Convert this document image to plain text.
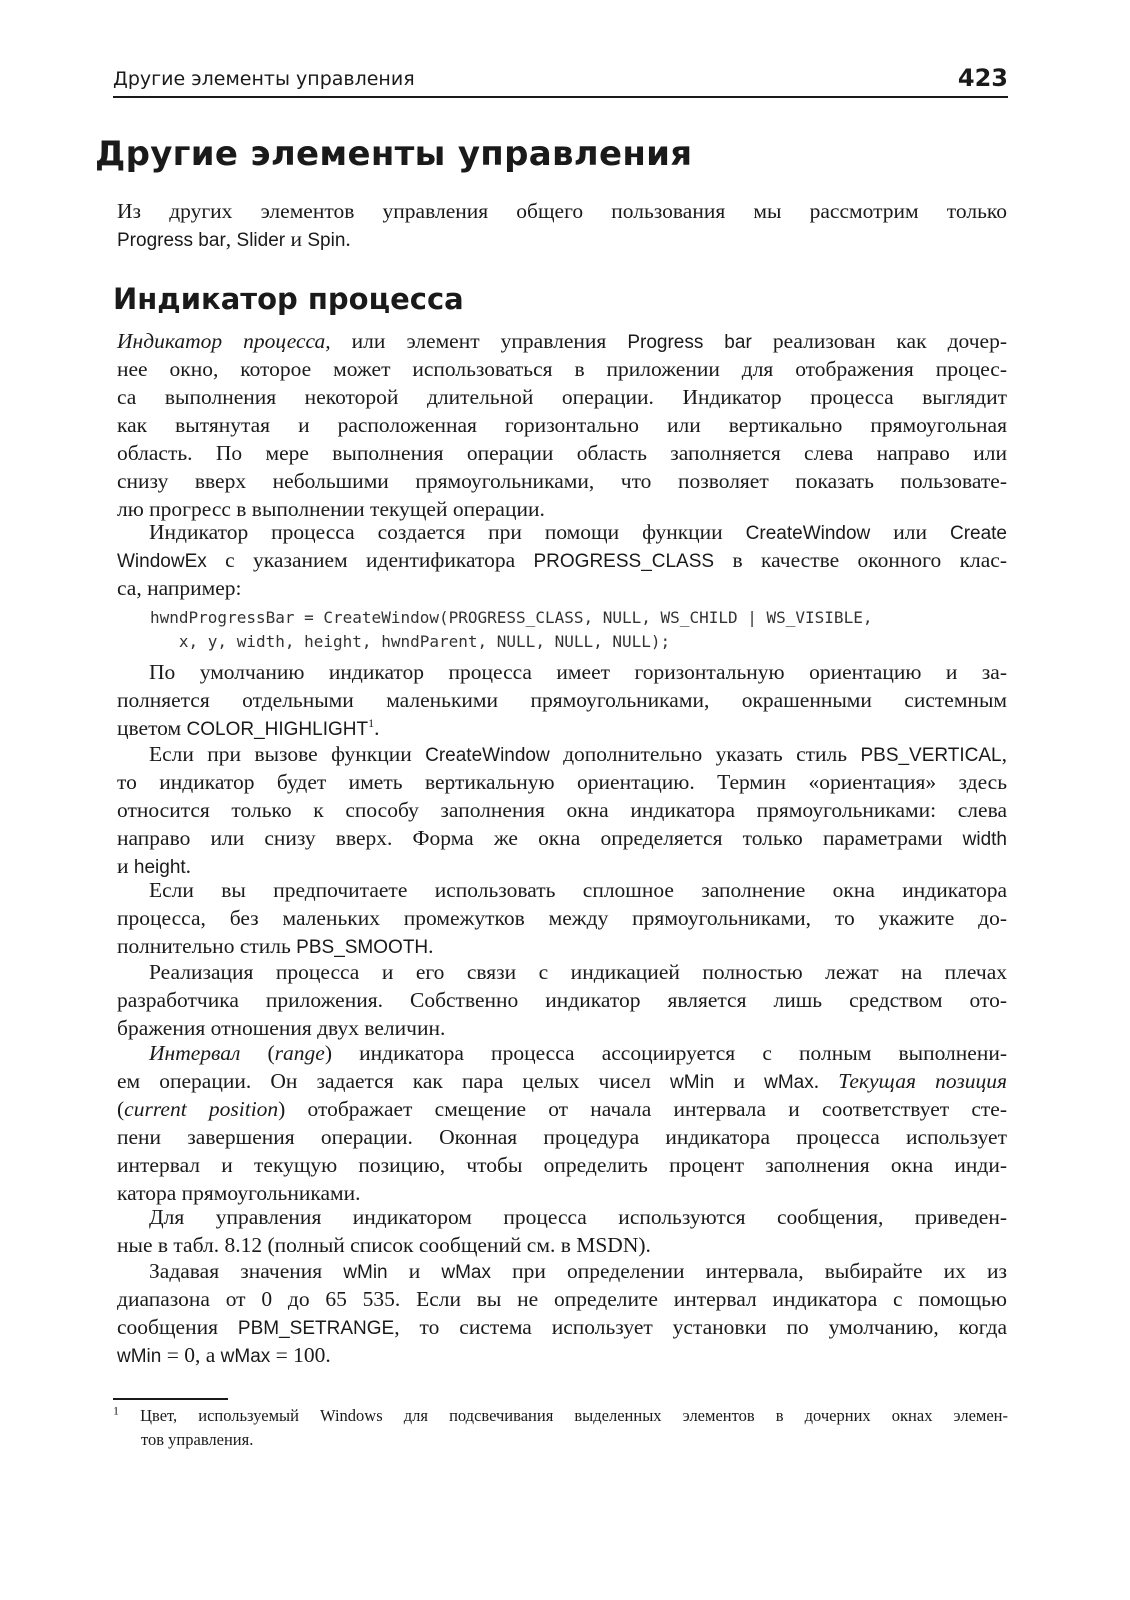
Другие элементы управления	423
Другие элементы управления
Из других элементов управления общего пользования мы рассмотрим только
Progress bar, Slider и Spin.
Индикатор процесса
Индикатор процесса, или элемент управления Progress bar реализован как дочер-
нее окно, которое может использоваться в приложении для отображения процес-
са выполнения некоторой длительной операции. Индикатор процесса выглядит
как вытянутая и расположенная горизонтально или вертикально прямоугольная
область. По мере выполнения операции область заполняется слева направо или
снизу вверх небольшими прямоугольниками, что позволяет показать пользовате-
лю прогресс в выполнении текущей операции.
Индикатор процесса создается при помощи функции CreateWindow или Create
WindowEx с указанием идентификатора PROGRESS_CLASS в качестве оконного клас-
са, например:
hwndProgressBar = CreateWindow(PROGRESS_CLASS, NULL, WS_CHILD | WS_VISIBLE,
x, y, width, height, hwndParent, NULL, NULL, NULL);
По умолчанию индикатор процесса имеет горизонтальную ориентацию и за-
полняется отдельными маленькими прямоугольниками, окрашенными системным
цветом COLOR_HIGHLIGHT$^1$.
Если при вызове функции CreateWindow дополнительно указать стиль PBS_VERTICAL,
то индикатор будет иметь вертикальную ориентацию. Термин «ориентация» здесь
относится только к способу заполнения окна индикатора прямоугольниками: слева
направо или снизу вверх. Форма же окна определяется только параметрами width
и height.
Если вы предпочитаете использовать сплошное заполнение окна индикатора
процесса, без маленьких промежутков между прямоугольниками, то укажите до-
полнительно стиль PBS_SMOOTH.
Реализация процесса и его связи с индикацией полностью лежат на плечах
разработчика приложения. Собственно индикатор является лишь средством ото-
бражения отношения двух величин.
Интервал (range) индикатора процесса ассоциируется с полным выполнени-
ем операции. Он задается как пара целых чисел wMin и wMax. Текущая позиция
(current position) отображает смещение от начала интервала и соответствует сте-
пени завершения операции. Оконная процедура индикатора процесса использует
интервал и текущую позицию, чтобы определить процент заполнения окна инди-
катора прямоугольниками.
Для управления индикатором процесса используются сообщения, приведен-
ные в табл. 8.12 (полный список сообщений см. в MSDN).
Задавая значения wMin и wMax при определении интервала, выбирайте их из
диапазона от 0 до 65 535. Если вы не определите интервал индикатора с помощью
сообщения PBM_SETRANGE, то система использует установки по умолчанию, когда
wMin = 0, а wMax = 100.
$^1$ Цвет, используемый Windows для подсвечивания выделенных элементов в дочерних окнах элемен-
тов управления.
